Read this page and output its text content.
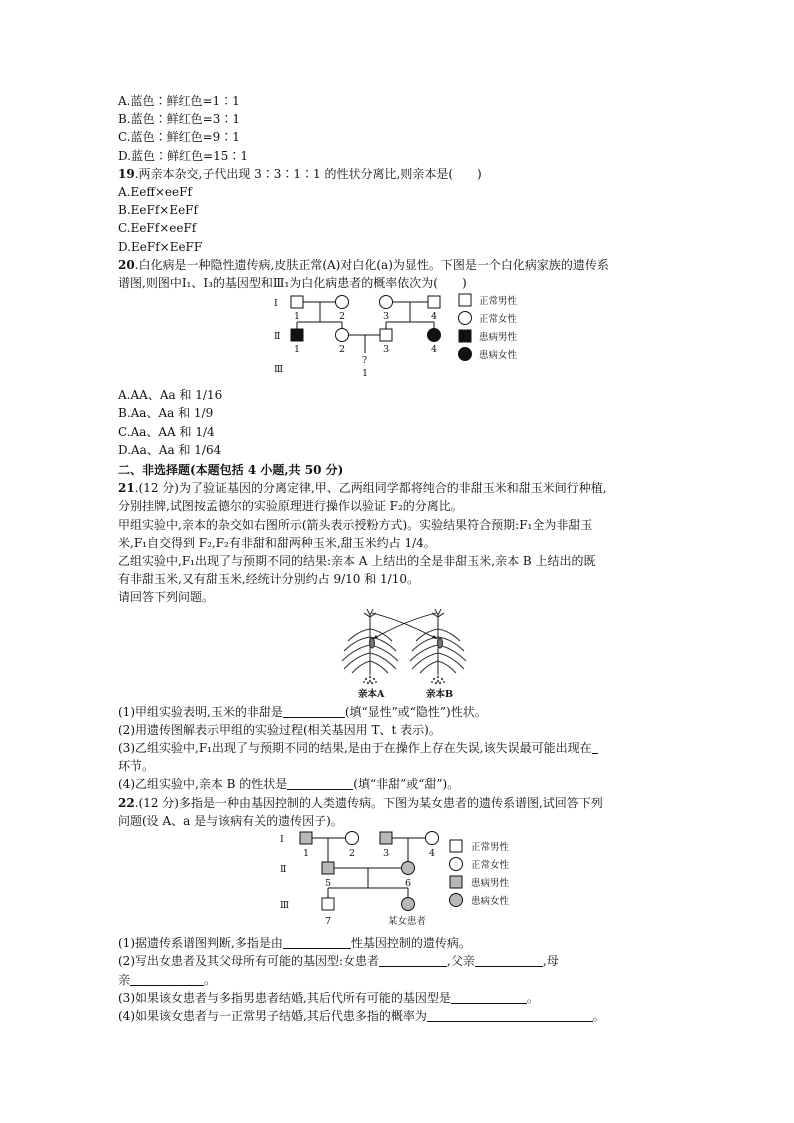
A.蓝色∶鲜红色=1∶1
B.蓝色∶鲜红色=3∶1
C.蓝色∶鲜红色=9∶1
D.蓝色∶鲜红色=15∶1
19.两亲本杂交,子代出现 3∶3∶1∶1 的性状分离比,则亲本是(　　)
A.Eeff×eeFf
B.EeFf×EeFf
C.EeFf×eeFf
D.EeFf×EeFF
20.白化病是一种隐性遗传病,皮肤正常(A)对白化(a)为显性。下图是一个白化病家族的遗传系
谱图,则图中Ⅰ₁、Ⅰ₃的基因型和Ⅲ₁为白化病患者的概率依次为(　　)
Ⅰ
Ⅱ
Ⅲ
1	2	3	4
1	2	3	4
?
1
正常男性
正常女性
患病男性
患病女性
A.AA、Aa 和 1/16
B.Aa、Aa 和 1/9
C.Aa、AA 和 1/4
D.Aa、Aa 和 1/64
二、非选择题(本题包括 4 小题,共 50 分)
21.(12 分)为了验证基因的分离定律,甲、乙两组同学都将纯合的非甜玉米和甜玉米间行种植,
分别挂牌,试图按孟德尔的实验原理进行操作以验证 F₂的分离比。
甲组实验中,亲本的杂交如右图所示(箭头表示授粉方式)。实验结果符合预期:F₁全为非甜玉
米,F₁自交得到 F₂,F₂有非甜和甜两种玉米,甜玉米约占 1/4。
乙组实验中,F₁出现了与预期不同的结果:亲本 A 上结出的全是非甜玉米,亲本 B 上结出的既
有非甜玉米,又有甜玉米,经统计分别约占 9/10 和 1/10。
请回答下列问题。
亲本A	亲本B
(1)甲组实验表明,玉米的非甜是	(填“显性”或“隐性”)性状。
(2)用遗传图解表示甲组的实验过程(相关基因用 T、t 表示)。
(3)乙组实验中,F₁出现了与预期不同的结果,是由于在操作上存在失误,该失误最可能出现在
环节。
(4)乙组实验中,亲本 B 的性状是	(填“非甜”或“甜”)。
22.(12 分)多指是一种由基因控制的人类遗传病。下图为某女患者的遗传系谱图,试回答下列
问题(设 A、a 是与该病有关的遗传因子)。
Ⅰ
Ⅱ
Ⅲ
1	2	3	4
5	6
7	某女患者
正常男性
正常女性
患病男性
患病女性
(1)据遗传系谱图判断,多指是由	性基因控制的遗传病。
(2)写出女患者及其父母所有可能的基因型:女患者	,父亲	,母
亲	。
(3)如果该女患者与多指男患者结婚,其后代所有可能的基因型是	。
(4)如果该女患者与一正常男子结婚,其后代患多指的概率为	。
